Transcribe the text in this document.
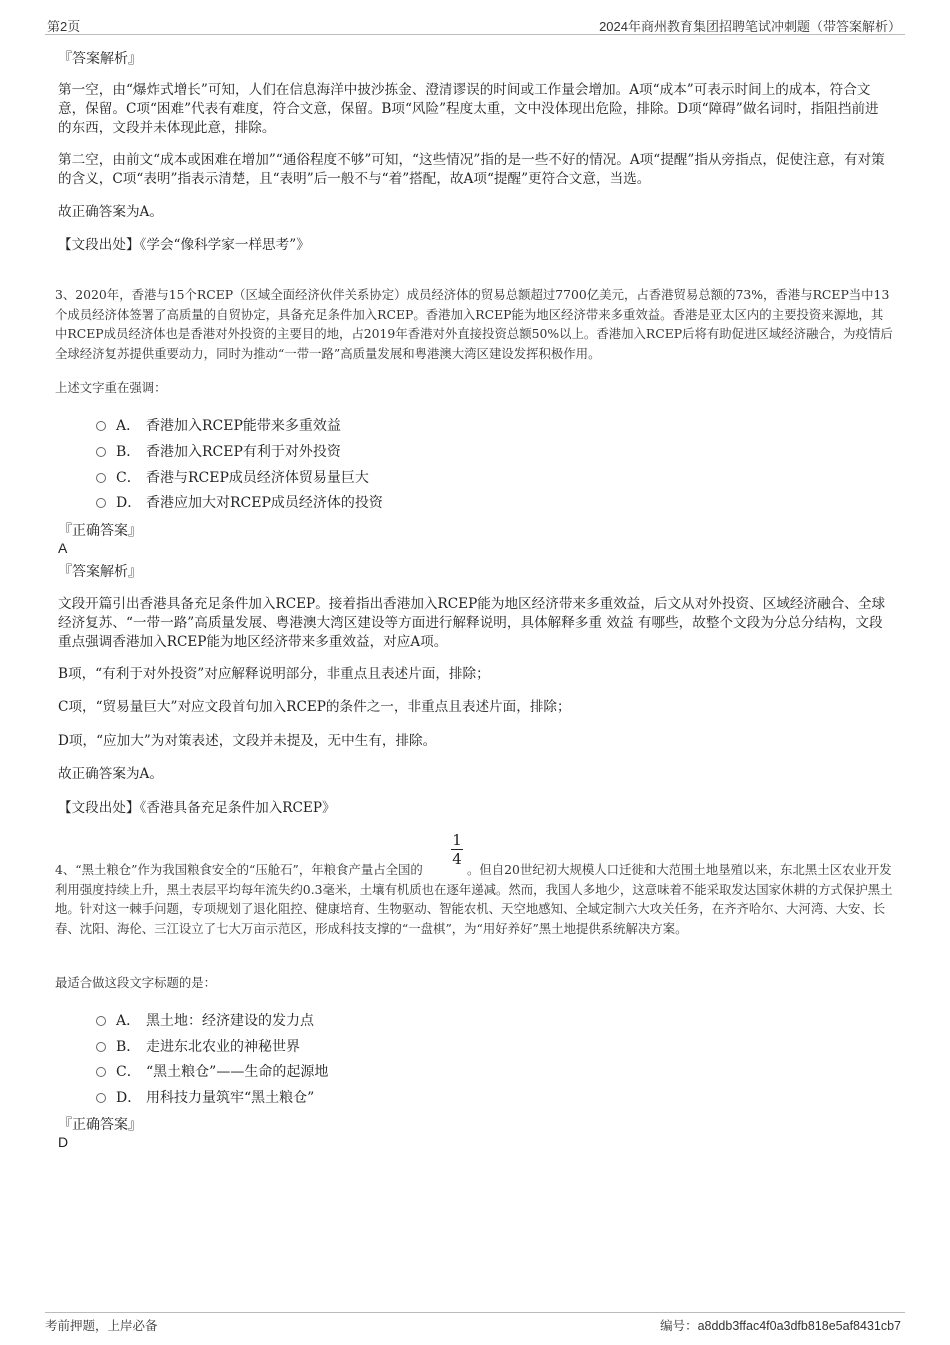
第2页	2024年商州教育集团招聘笔试冲刺题（带答案解析）
『答案解析』

第一空，由“爆炸式增长”可知，人们在信息海洋中披沙拣金、澄清谬误的时间或工作量会增加。A项“成本”可表示时间上的成本，符合文意，保留。C项“困难”代表有难度，符合文意，保留。B项“风险”程度太重，文中没体现出危险，排除。D项“障碍”做名词时，指阻挡前进的东西，文段并未体现此意，排除。

第二空，由前文“成本或困难在增加”“通俗程度不够”可知，“这些情况”指的是一些不好的情况。A项“提醒”指从旁指点，促使注意，有对策的含义，C项“表明”指表示清楚，且“表明”后一般不与“着”搭配，故A项“提醒”更符合文意，当选。

故正确答案为A。

【文段出处】《学会“像科学家一样思考”》

3、2020年，香港与15个RCEP（区域全面经济伙伴关系协定）成员经济体的贸易总额超过7700亿美元，占香港贸易总额的73%，香港与RCEP当中13个成员经济体签署了高质量的自贸协定，具备充足条件加入RCEP。香港加入RCEP能为地区经济带来多重效益。香港是亚太区内的主要投资来源地，其中RCEP成员经济体也是香港对外投资的主要目的地，占2019年香港对外直接投资总额50%以上。香港加入RCEP后将有助促进区域经济融合，为疫情后全球经济复苏提供重要动力，同时为推动“一带一路”高质量发展和粤港澳大湾区建设发挥积极作用。

上述文字重在强调：

A． 香港加入RCEP能带来多重效益
B． 香港加入RCEP有利于对外投资
C． 香港与RCEP成员经济体贸易量巨大
D． 香港应加大对RCEP成员经济体的投资
『正确答案』
A
『答案解析』

文段开篇引出香港具备充足条件加入RCEP。接着指出香港加入RCEP能为地区经济带来多重效益，后文从对外投资、区域经济融合、全球经济复苏、“一带一路”高质量发展、粤港澳大湾区建设等方面进行解释说明，具体解释多重 效益 有哪些，故整个文段为分总分结构，文段重点强调香港加入RCEP能为地区经济带来多重效益，对应A项。

B项，“有利于对外投资”对应解释说明部分，非重点且表述片面，排除；

C项，“贸易量巨大”对应文段首句加入RCEP的条件之一，非重点且表述片面，排除；

D项，“应加大”为对策表述，文段并未提及，无中生有，排除。

故正确答案为A。

【文段出处】《香港具备充足条件加入RCEP》

1
4

4、“黑土粮仓”作为我国粮食安全的“压舱石”，年粮食产量占全国的	。但自20世纪初大规模人口迁徙和大范围土地垦殖以来，东北黑土区农业开发利用强度持续上升，黑土表层平均每年流失约0.3毫米，土壤有机质也在逐年递减。然而，我国人多地少，这意味着不能采取发达国家休耕的方式保护黑土地。针对这一棘手问题，专项规划了退化阻控、健康培育、生物驱动、智能农机、天空地感知、全域定制六大攻关任务，在齐齐哈尔、大河湾、大安、长春、沈阳、海伦、三江设立了七大万亩示范区，形成科技支撑的“一盘棋”，为“用好养好”黑土地提供系统解决方案。

最适合做这段文字标题的是：

A． 黑土地：经济建设的发力点
B． 走进东北农业的神秘世界
C． “黑土粮仓”——生命的起源地
D． 用科技力量筑牢“黑土粮仓”
『正确答案』
D
考前押题，上岸必备	编号：a8ddb3ffac4f0a3dfb818e5af8431cb7
